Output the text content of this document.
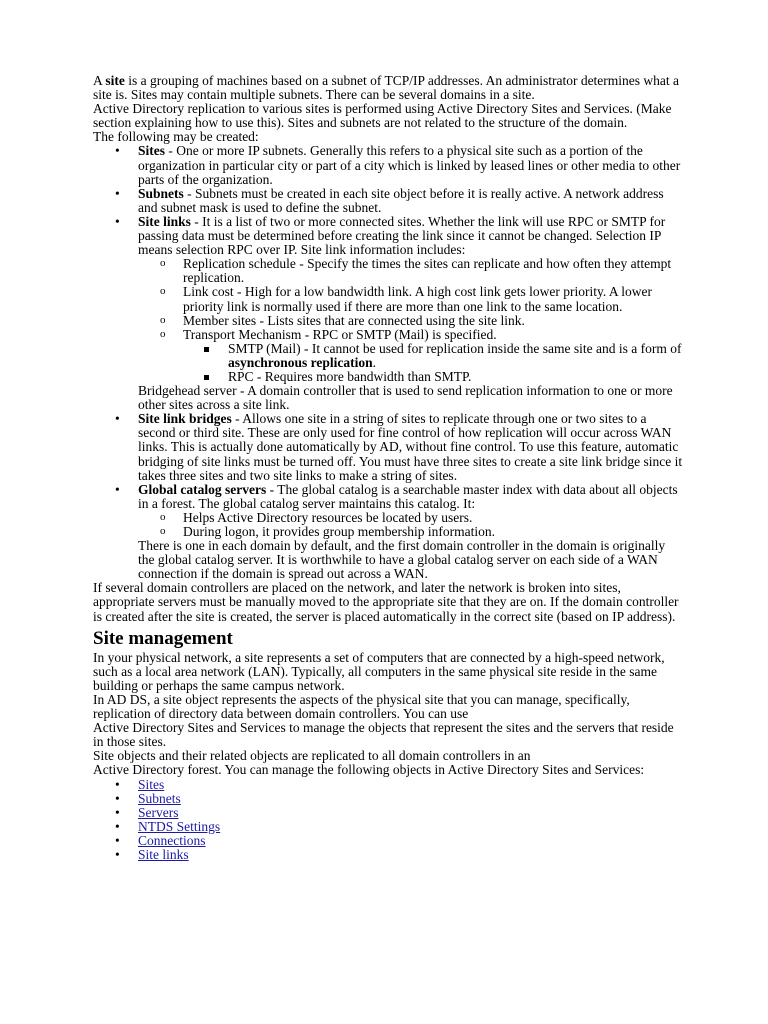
A site is a grouping of machines based on a subnet of TCP/IP addresses. An administrator determines what a site is. Sites may contain multiple subnets. There can be several domains in a site.

Active Directory replication to various sites is performed using Active Directory Sites and Services. (Make section explaining how to use this). Sites and subnets are not related to the structure of the domain.

The following may be created:

• Sites - One or more IP subnets. Generally this refers to a physical site such as a portion of the organization in particular city or part of a city which is linked by leased lines or other media to other parts of the organization.
• Subnets - Subnets must be created in each site object before it is really active. A network address and subnet mask is used to define the subnet.
• Site links - It is a list of two or more connected sites. Whether the link will use RPC or SMTP for passing data must be determined before creating the link since it cannot be changed. Selection IP means selection RPC over IP. Site link information includes:
o Replication schedule - Specify the times the sites can replicate and how often they attempt replication.
o Link cost - High for a low bandwidth link. A high cost link gets lower priority. A lower priority link is normally used if there are more than one link to the same location.
o Member sites - Lists sites that are connected using the site link.
o Transport Mechanism - RPC or SMTP (Mail) is specified.
SMTP (Mail) - It cannot be used for replication inside the same site and is a form of asynchronous replication.
RPC - Requires more bandwidth than SMTP.

Bridgehead server - A domain controller that is used to send replication information to one or more other sites across a site link.

• Site link bridges - Allows one site in a string of sites to replicate through one or two sites to a second or third site. These are only used for fine control of how replication will occur across WAN links. This is actually done automatically by AD, without fine control. To use this feature, automatic bridging of site links must be turned off. You must have three sites to create a site link bridge since it takes three sites and two site links to make a string of sites.
• Global catalog servers - The global catalog is a searchable master index with data about all objects in a forest. The global catalog server maintains this catalog. It:
o Helps Active Directory resources be located by users.
o During logon, it provides group membership information.

There is one in each domain by default, and the first domain controller in the domain is originally the global catalog server. It is worthwhile to have a global catalog server on each side of a WAN connection if the domain is spread out across a WAN.

If several domain controllers are placed on the network, and later the network is broken into sites, appropriate servers must be manually moved to the appropriate site that they are on. If the domain controller is created after the site is created, the server is placed automatically in the correct site (based on IP address).

Site management

In your physical network, a site represents a set of computers that are connected by a high-speed network, such as a local area network (LAN). Typically, all computers in the same physical site reside in the same building or perhaps the same campus network.

In AD DS, a site object represents the aspects of the physical site that you can manage, specifically, replication of directory data between domain controllers. You can use
Active Directory Sites and Services to manage the objects that represent the sites and the servers that reside in those sites.

Site objects and their related objects are replicated to all domain controllers in an
Active Directory forest. You can manage the following objects in Active Directory Sites and Services:

• Sites
• Subnets
• Servers
• NTDS Settings
• Connections
• Site links
